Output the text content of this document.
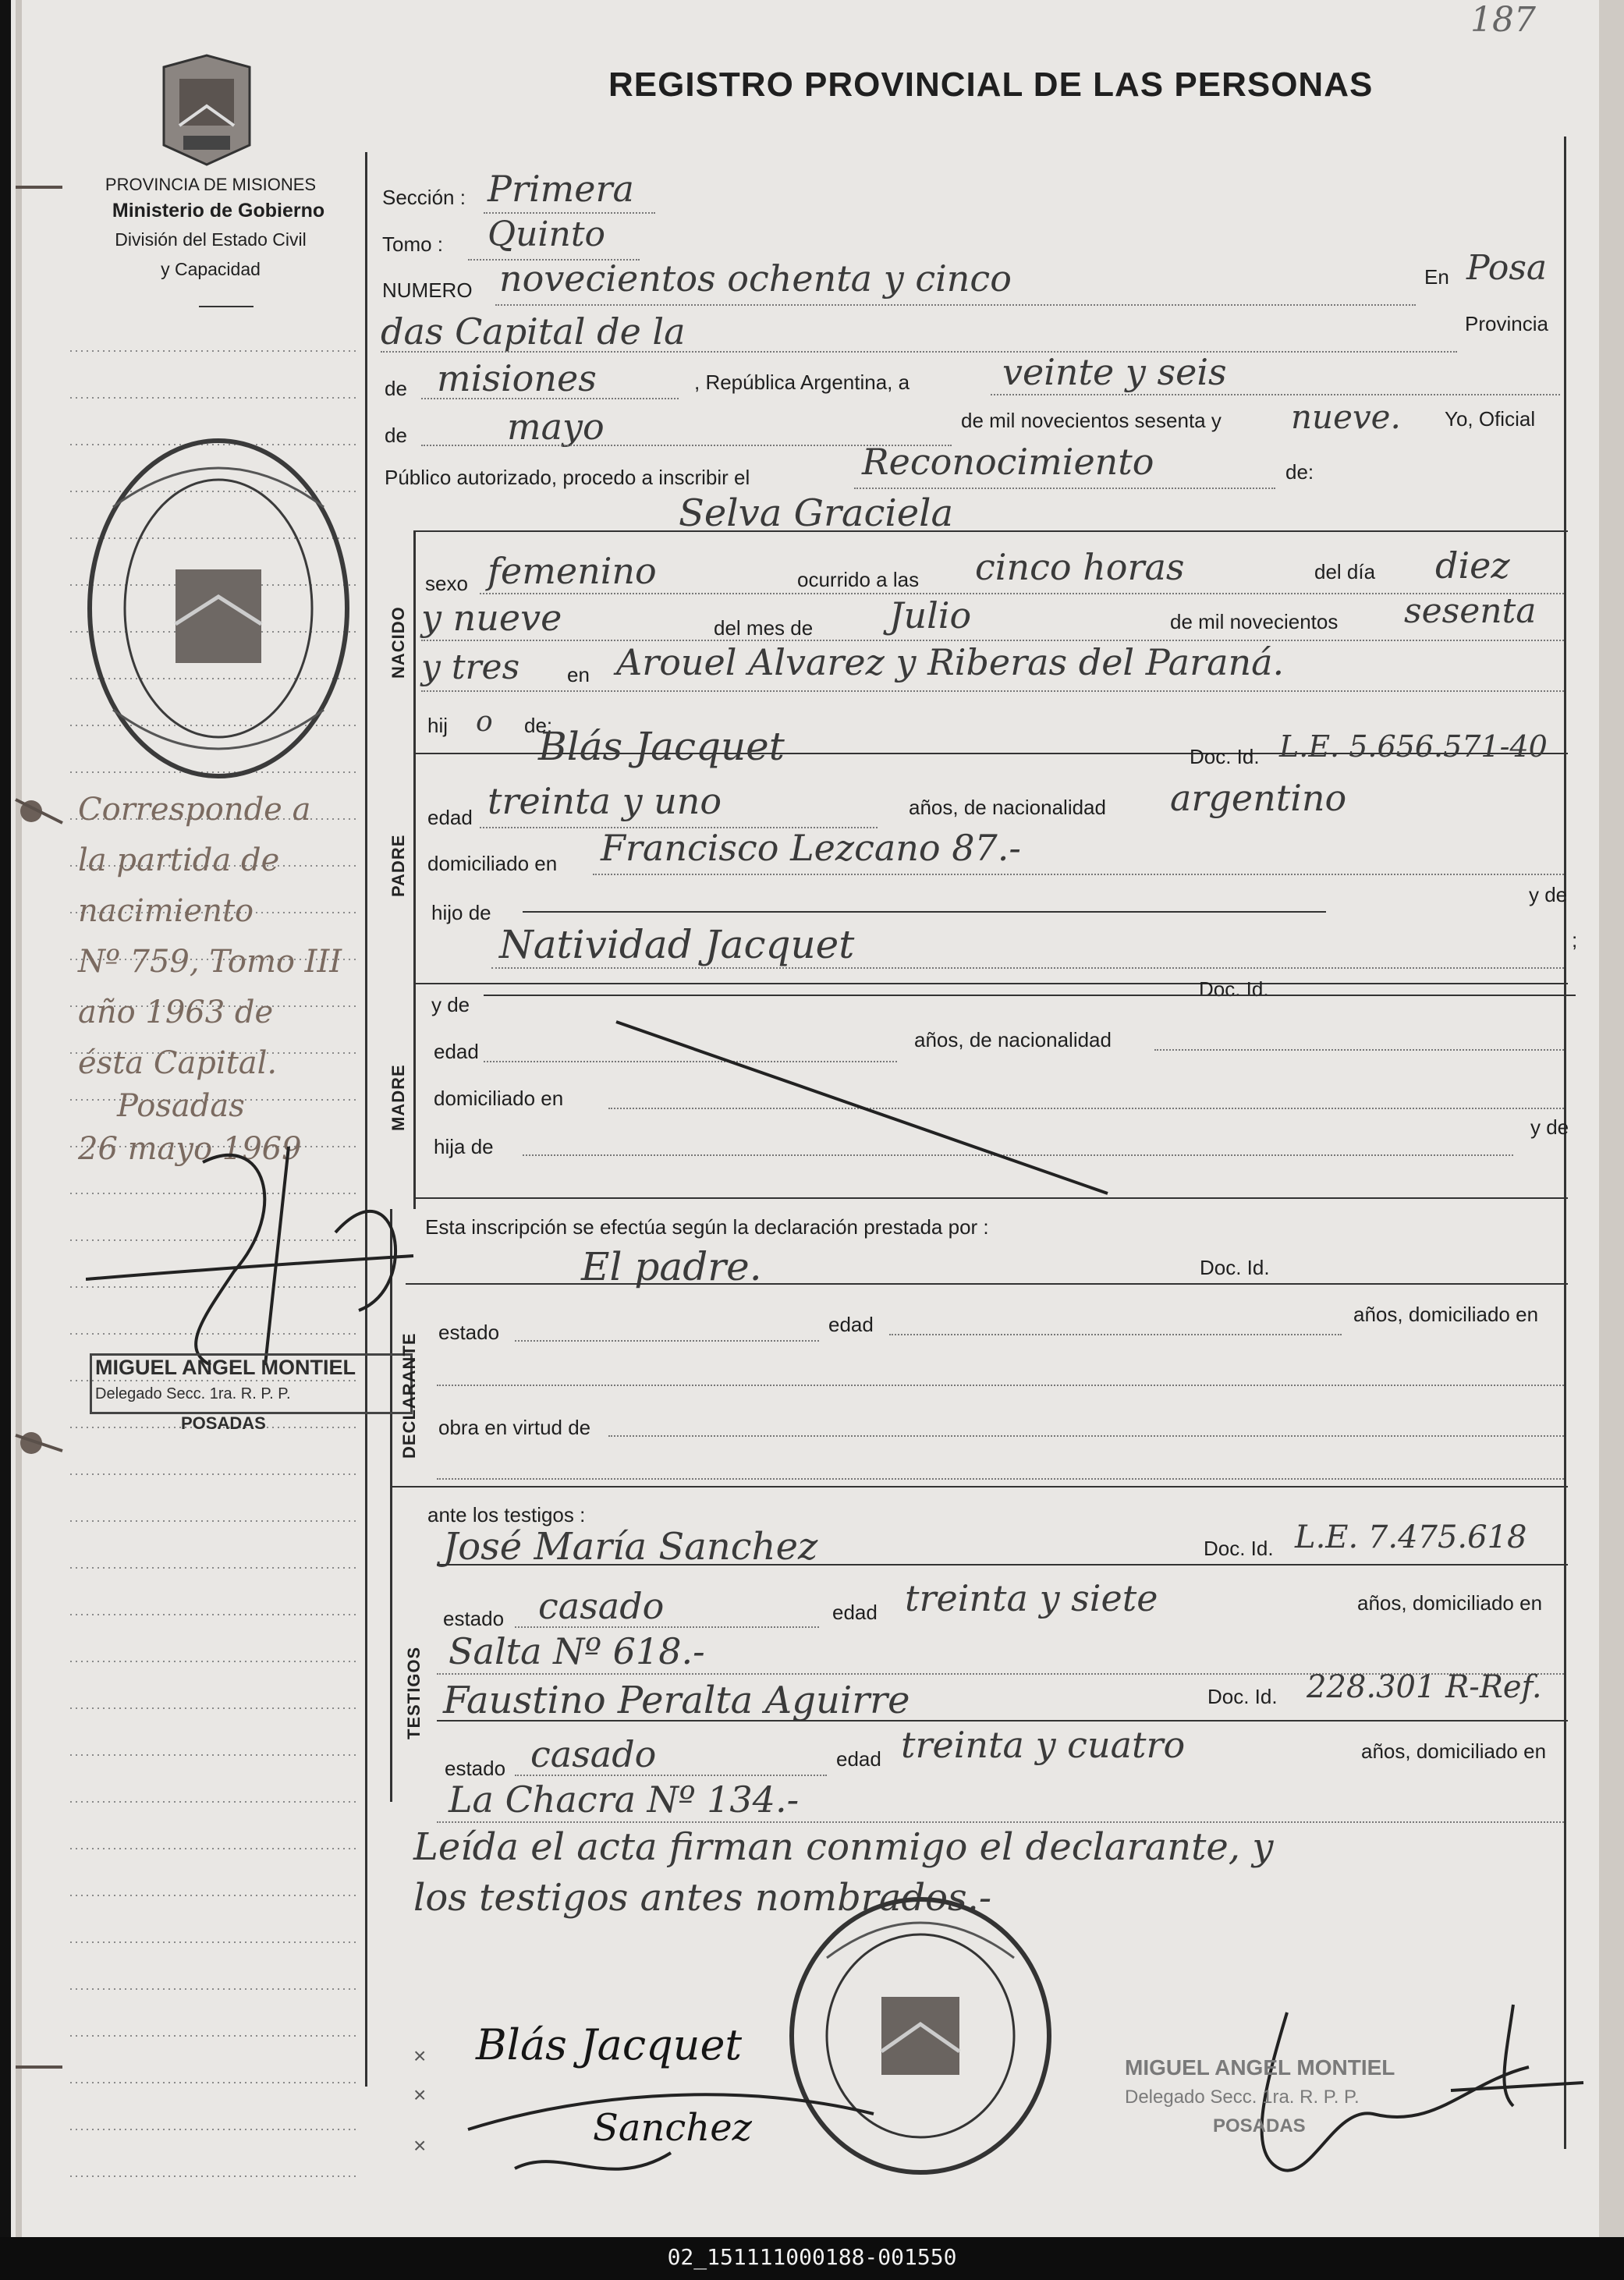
187
REGISTRO PROVINCIAL DE LAS PERSONAS
PROVINCIA DE MISIONES
Ministerio de Gobierno
División del Estado Civil
y Capacidad
Corresponde a
la partida de
nacimiento
Nº 759, Tomo III
año 1963 de
ésta Capital.
Posadas
26 mayo 1969
MIGUEL ANGEL MONTIEL
Delegado Secc. 1ra. R. P. P.
POSADAS
Sección : Primera
Tomo : Quinto
NUMERO novecientos ochenta y cinco	En Posa
das Capital de la	Provincia
de misiones	, República Argentina, a	veinte y seis
de	mayo	de mil novecientos sesenta y nueve. Yo, Oficial
Público autorizado, procedo a inscribir el	Reconocimiento	de:
Selva Graciela
NACIDO
sexo femenino	ocurrido a las cinco horas	del día diez
y nueve	del mes de Julio	de mil novecientos sesenta
y tres en Arouel Alvarez y Riberas del Paraná.
hij o de:
Blás Jacquet	Doc. Id. L.E. 5.656.571-40
PADRE
edad treinta y uno	años, de nacionalidad argentino
domiciliado en Francisco Lezcano 87.-
hijo de
y de
Natividad Jacquet	;
y de
Doc. Id.
MADRE
edad	años, de nacionalidad
domiciliado en
hija de
y de
Esta inscripción se efectúa según la declaración prestada por :
El padre.	Doc. Id.
DECLARANTE
estado	edad	años, domiciliado en
obra en virtud de
ante los testigos :
TESTIGOS
José María Sanchez	Doc. Id. L.E. 7.475.618
estado casado	edad treinta y siete	años, domiciliado en
Salta Nº 618.-
Faustino Peralta Aguirre	Doc. Id. 228.301 R-Ref.
estado casado	edad treinta y cuatro	años, domiciliado en
La Chacra Nº 134.-
Leída el acta firman conmigo el declarante, y
los testigos antes nombrados.-
×
×
×
Blás Jacquet
Sanchez
MIGUEL ANGEL MONTIEL
Delegado Secc. 1ra. R. P. P.
POSADAS
02_151111000188-001550
